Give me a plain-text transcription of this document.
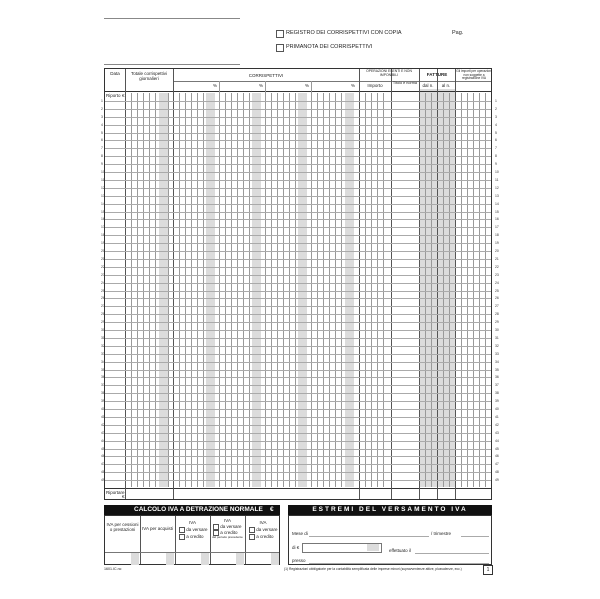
REGISTRO DEI CORRISPETTIVI CON COPIA
PRIMANOTA DEI CORRISPETTIVI
Pag.
Data	Totale corrispettivi giornalieri
CORRISPETTIVI
OPERAZIONI ESENTI E NON IMPONIBILI
Importo	Titolo e norma
FATTURE
dal n.	al n.
Gli importi per operazioni non soggette a registrazione IVA
%	%	%	%
Riporto €
Riportare
€
1	1
2	2
3	3
4	4
5	5
6	6
7	7
8	8
9	9
10	10
11	11
12	12
13	13
14	14
15	15
16	16
17	17
18	18
19	19
20	20
21	21
22	22
23	23
24	24
25	25
26	26
27	27
28	28
29	29
30	30
31	31
32	32
33	33
34	34
35	35
36	36
37	37
38	38
39	39
40	40
41	41
42	42
43	43
44	44
45	45
46	46
47	47
48	48
49	49
CALCOLO IVA A DETRAZIONE NORMALE €
IVA per cessioni o prestazioni	IVA per acquisti
IVA
da versare
a credito
IVA
da versare
a credito
del periodo precedente
IVA
da versare
a credito
ESTREMI DEL VERSAMENTO IVA
Mese di	/ trimestre
di €
effettuato il
presso
1601.IC.nc	(1) Registrazioni obbligatorie per la contabilità semplificata delle imprese minori (supravvenienze attive, plusvalenze, ecc.)	1
